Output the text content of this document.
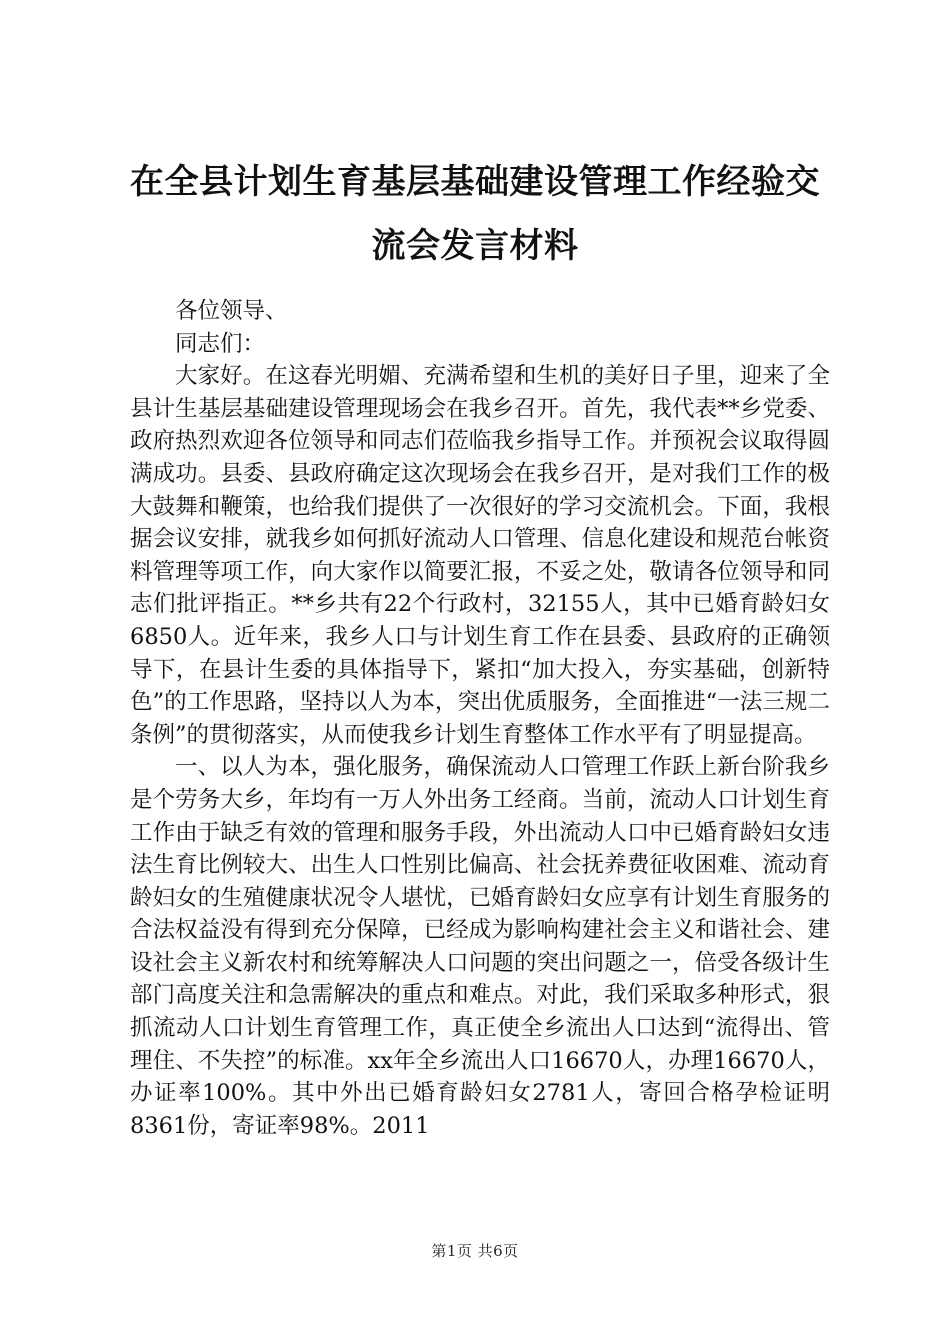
在全县计划生育基层基础建设管理工作经验交
流会发言材料

各位领导、

同志们：

大家好。在这春光明媚、充满希望和生机的美好日子里，迎来了全县计生基层基础建设管理现场会在我乡召开。首先，我代表**乡党委、政府热烈欢迎各位领导和同志们莅临我乡指导工作。并预祝会议取得圆满成功。县委、县政府确定这次现场会在我乡召开，是对我们工作的极大鼓舞和鞭策，也给我们提供了一次很好的学习交流机会。下面，我根据会议安排，就我乡如何抓好流动人口管理、信息化建设和规范台帐资料管理等项工作，向大家作以简要汇报，不妥之处，敬请各位领导和同志们批评指正。**乡共有22个行政村，32155人，其中已婚育龄妇女6850人。近年来，我乡人口与计划生育工作在县委、县政府的正确领导下，在县计生委的具体指导下，紧扣“加大投入，夯实基础，创新特色”的工作思路，坚持以人为本，突出优质服务，全面推进“一法三规二条例”的贯彻落实，从而使我乡计划生育整体工作水平有了明显提高。

一、以人为本，强化服务，确保流动人口管理工作跃上新台阶我乡是个劳务大乡，年均有一万人外出务工经商。当前，流动人口计划生育工作由于缺乏有效的管理和服务手段，外出流动人口中已婚育龄妇女违法生育比例较大、出生人口性别比偏高、社会抚养费征收困难、流动育龄妇女的生殖健康状况令人堪忧，已婚育龄妇女应享有计划生育服务的合法权益没有得到充分保障，已经成为影响构建社会主义和谐社会、建设社会主义新农村和统筹解决人口问题的突出问题之一，倍受各级计生部门高度关注和急需解决的重点和难点。对此，我们采取多种形式，狠抓流动人口计划生育管理工作，真正使全乡流出人口达到“流得出、管理住、不失控”的标准。xx年全乡流出人口16670人，办理16670人，办证率100%。其中外出已婚育龄妇女2781人，寄回合格孕检证明8361份，寄证率98%。2011

第1页 共6页
